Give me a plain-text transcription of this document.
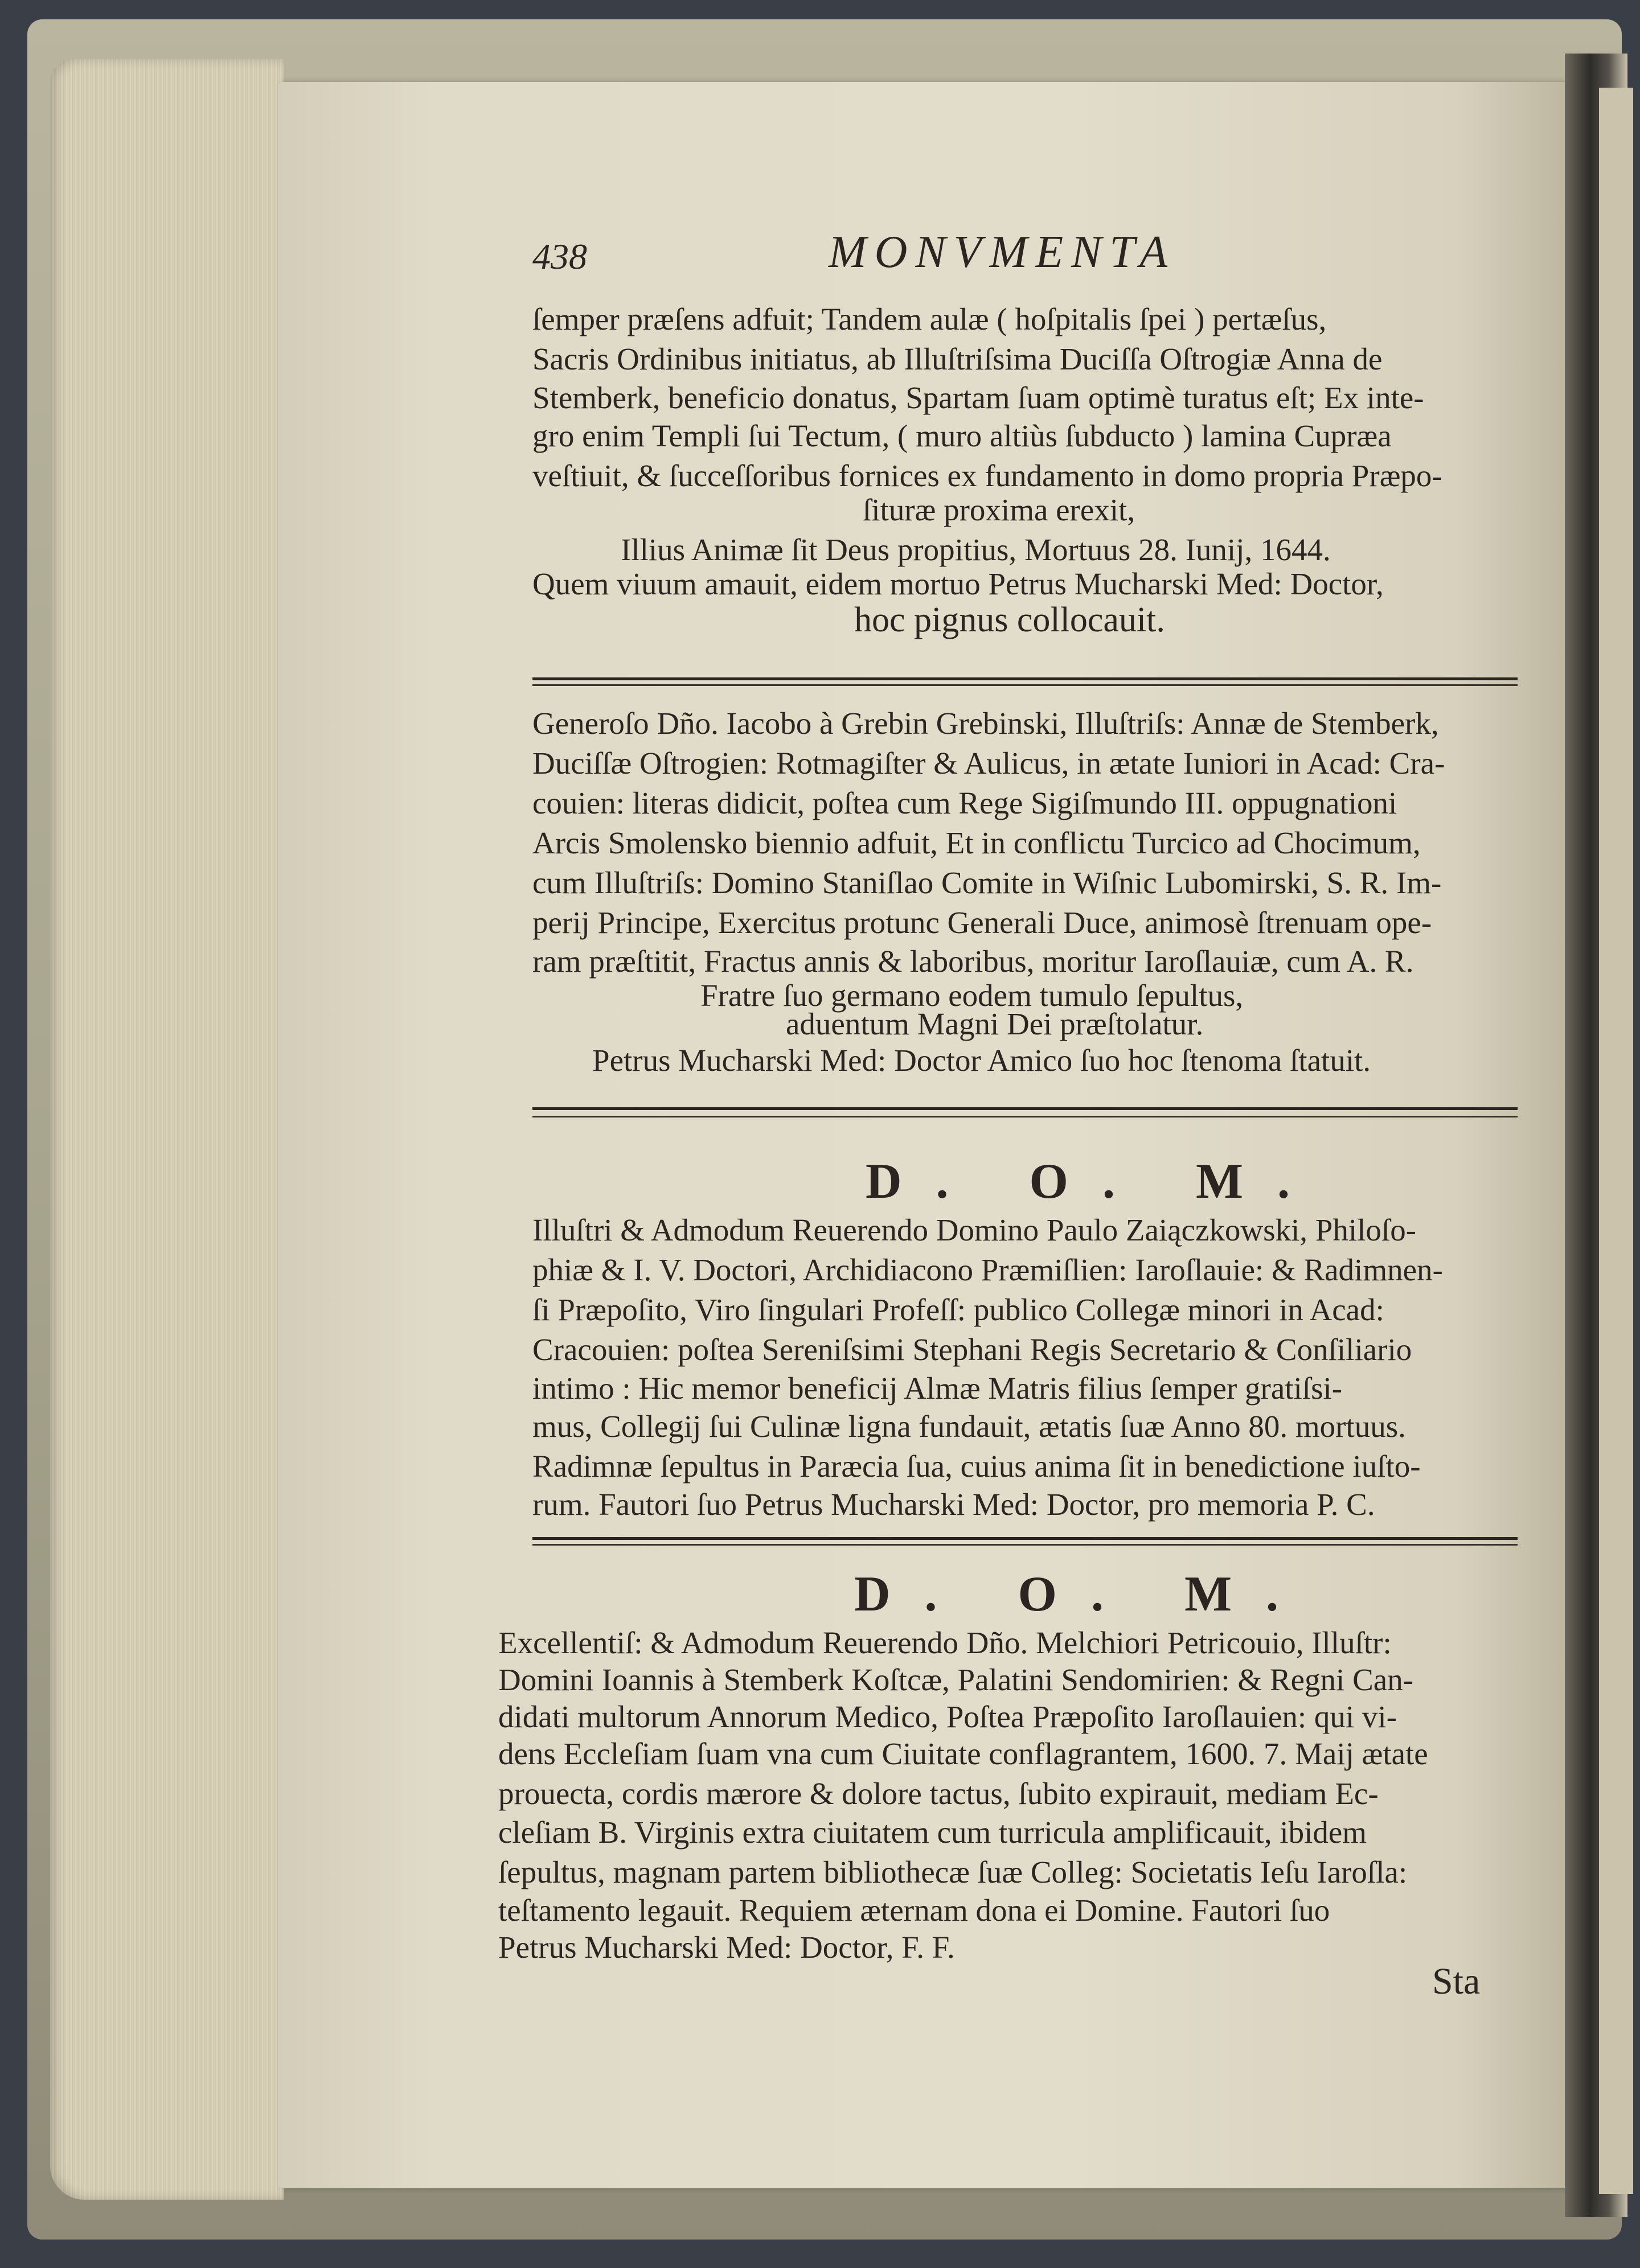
438	MONVMENTA
ſemper præſens adfuit; Tandem aulæ ( hoſpitalis ſpei ) pertæſus,
Sacris Ordinibus initiatus, ab Illuſtriſsima Duciſſa Oſtrogiæ Anna de
Stemberk, beneficio donatus, Spartam ſuam optimè turatus eſt; Ex inte-
gro enim Templi ſui Tectum, ( muro altiùs ſubducto ) lamina Cupræa
veſtiuit, & ſucceſſoribus fornices ex fundamento in domo propria Præpo-
ſituræ proxima erexit,
Illius Animæ ſit Deus propitius, Mortuus 28. Iunij, 1644.
Quem viuum amauit, eidem mortuo Petrus Mucharski Med: Doctor,
hoc pignus collocauit.
Generoſo Dño. Iacobo à Grebin Grebinski, Illuſtriſs: Annæ de Stemberk,
Duciſſæ Oſtrogien: Rotmagiſter & Aulicus, in ætate Iuniori in Acad: Cra-
couien: literas didicit, poſtea cum Rege Sigiſmundo III. oppugnationi
Arcis Smolensko biennio adfuit, Et in conflictu Turcico ad Chocimum,
cum Illuſtriſs: Domino Staniſlao Comite in Wiſnic Lubomirski, S. R. Im-
perij Principe, Exercitus protunc Generali Duce, animosè ſtrenuam ope-
ram præſtitit, Fractus annis & laboribus, moritur Iaroſlauiæ, cum A. R.
Fratre ſuo germano eodem tumulo ſepultus,
aduentum Magni Dei præſtolatur.
Petrus Mucharski Med: Doctor Amico ſuo hoc ſtenoma ſtatuit.
D. O. M.
Illuſtri & Admodum Reuerendo Domino Paulo Zaiączkowski, Philoſo-
phiæ & I. V. Doctori, Archidiacono Præmiſlien: Iaroſlauie: & Radimnen-
ſi Præpoſito, Viro ſingulari Profeſſ: publico Collegæ minori in Acad:
Cracouien: poſtea Sereniſsimi Stephani Regis Secretario & Conſiliario
intimo : Hic memor beneficij Almæ Matris filius ſemper gratiſsi-
mus, Collegij ſui Culinæ ligna fundauit, ætatis ſuæ Anno 80. mortuus.
Radimnæ ſepultus in Paræcia ſua, cuius anima ſit in benedictione iuſto-
rum. Fautori ſuo Petrus Mucharski Med: Doctor, pro memoria P. C.
D. O. M.
Excellentiſ: & Admodum Reuerendo Dño. Melchiori Petricouio, Illuſtr:
Domini Ioannis à Stemberk Koſtcæ, Palatini Sendomirien: & Regni Can-
didati multorum Annorum Medico, Poſtea Præpoſito Iaroſlauien: qui vi-
dens Eccleſiam ſuam vna cum Ciuitate conflagrantem, 1600. 7. Maij ætate
prouecta, cordis mærore & dolore tactus, ſubito expirauit, mediam Ec-
cleſiam B. Virginis extra ciuitatem cum turricula amplificauit, ibidem
ſepultus, magnam partem bibliothecæ ſuæ Colleg: Societatis Ieſu Iaroſla:
teſtamento legauit. Requiem æternam dona ei Domine. Fautori ſuo
Petrus Mucharski Med: Doctor, F. F.
Sta
